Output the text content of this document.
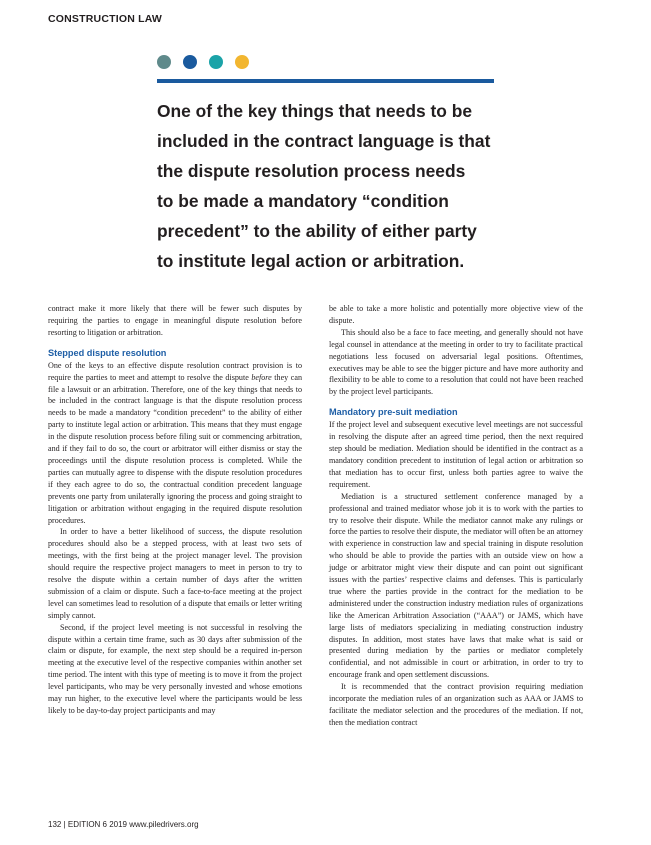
CONSTRUCTION LAW
One of the key things that needs to be
included in the contract language is that
the dispute resolution process needs
to be made a mandatory “condition
precedent” to the ability of either party
to institute legal action or arbitration.

contract make it more likely that there will be fewer such disputes by requiring the parties to engage in meaningful dispute resolution before resorting to litigation or arbitration.

Stepped dispute resolution

One of the keys to an effective dispute resolution contract provision is to require the parties to meet and attempt to resolve the dispute before they can file a lawsuit or an arbitration. Therefore, one of the key things that needs to be included in the contract language is that the dispute resolution process needs to be made a mandatory “condition precedent” to the ability of either party to institute legal action or arbitration. This means that they must engage in the dispute resolution process before filing suit or commencing arbitration, and if they fail to do so, the court or arbitrator will either dismiss or stay the proceedings until the dispute resolution process is completed. While the parties can mutually agree to dispense with the dispute resolution procedures if they each agree to do so, the contractual condition precedent language prevents one party from unilaterally ignoring the process and going straight to litigation or arbitration without engaging in the required dispute resolution procedures.

In order to have a better likelihood of success, the dispute resolution procedures should also be a stepped process, with at least two sets of meetings, with the first being at the project manager level. The provision should require the respective project managers to meet in person to try to resolve the dispute within a certain number of days after the written submission of a claim or dispute. Such a face-to-face meeting at the project level can sometimes lead to resolution of a dispute that emails or letter writing simply cannot.

Second, if the project level meeting is not successful in resolving the dispute within a certain time frame, such as 30 days after submission of the claim or dispute, for example, the next step should be a required in-person meeting at the executive level of the respective companies within another set time period. The intent with this type of meeting is to move it from the project level participants, who may be very personally invested and whose emotions may run higher, to the executive level where the participants would be less likely to be day-to-day project participants and may

be able to take a more holistic and potentially more objective view of the dispute.

This should also be a face to face meeting, and generally should not have legal counsel in attendance at the meeting in order to try to facilitate practical negotiations less focused on adversarial legal positions. Oftentimes, executives may be able to see the bigger picture and have more authority and flexibility to be able to come to a resolution that could not have been reached by the project level participants.

Mandatory pre-suit mediation

If the project level and subsequent executive level meetings are not successful in resolving the dispute after an agreed time period, then the next required step should be mediation. Mediation should be identified in the contract as a mandatory condition precedent to institution of legal action or arbitration so that mediation has to occur first, unless both parties agree to waive the requirement.

Mediation is a structured settlement conference managed by a professional and trained mediator whose job it is to work with the parties to try to resolve their dispute. While the mediator cannot make any rulings or force the parties to resolve their dispute, the mediator will often be an attorney with experience in construction law and special training in dispute resolution who should be able to provide the parties with an outside view on how a judge or arbitrator might view their dispute and can point out significant issues with the parties’ respective claims and defenses. This is particularly true where the parties provide in the contract for the mediation to be administered under the construction industry mediation rules of organizations like the American Arbitration Association (“AAA”) or JAMS, which have large lists of mediators specializing in mediating construction industry disputes. In addition, most states have laws that make what is said or presented during mediation by the parties or mediator completely confidential, and not admissible in court or arbitration, in order to try to encourage frank and open settlement discussions.

It is recommended that the contract provision requiring mediation incorporate the mediation rules of an organization such as AAA or JAMS to facilitate the mediator selection and the procedures of the mediation. If not, then the mediation contract

132 | EDITION 6 2019 www.piledrivers.org
